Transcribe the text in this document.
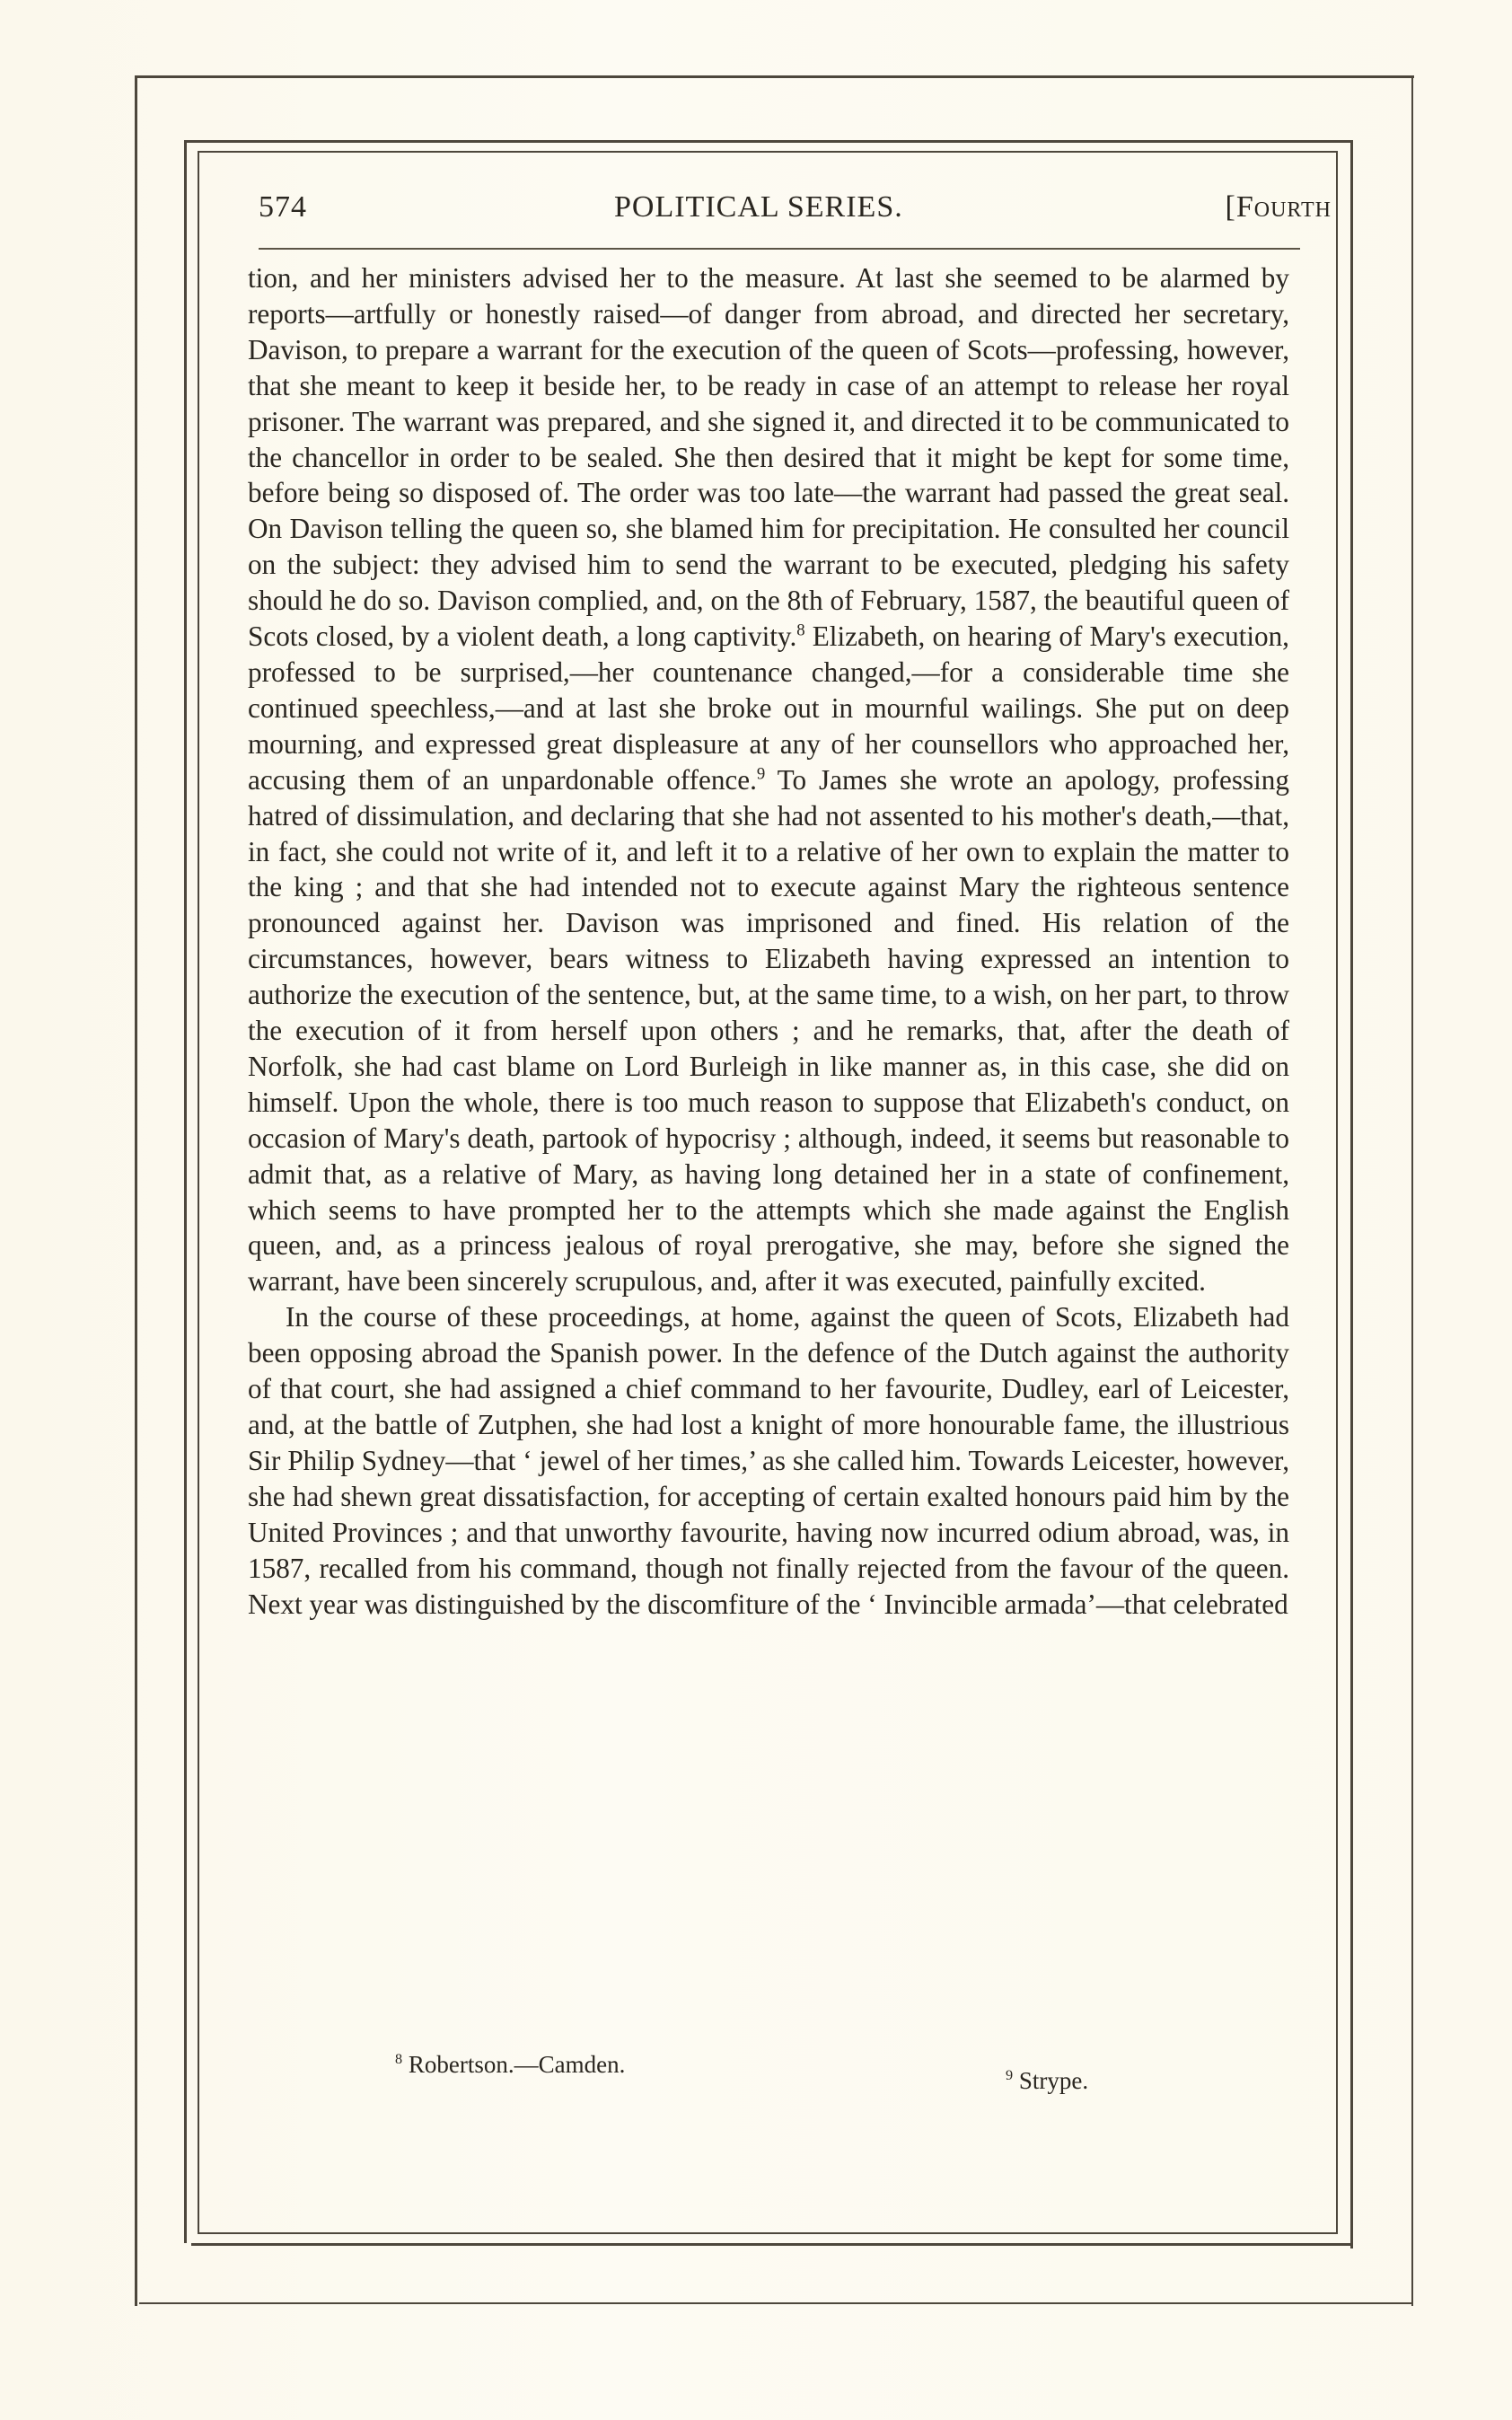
574	POLITICAL SERIES.	[Fourth

tion, and her ministers advised her to the measure. At last she seemed to be alarmed by reports—artfully or honestly raised—of danger from abroad, and directed her secretary, Davison, to prepare a warrant for the execution of the queen of Scots—professing, however, that she meant to keep it beside her, to be ready in case of an attempt to release her royal prisoner. The warrant was prepared, and she signed it, and directed it to be communicated to the chancellor in order to be sealed. She then desired that it might be kept for some time, before being so disposed of. The order was too late—the warrant had passed the great seal. On Davison telling the queen so, she blamed him for precipitation. He consulted her council on the subject: they advised him to send the warrant to be executed, pledging his safety should he do so. Davison complied, and, on the 8th of February, 1587, the beautiful queen of Scots closed, by a violent death, a long captivity.$^8$ Elizabeth, on hearing of Mary's execution, professed to be surprised,—her countenance changed,—for a considerable time she continued speechless,—and at last she broke out in mournful wailings. She put on deep mourning, and expressed great displeasure at any of her counsellors who approached her, accusing them of an unpardonable offence.$^9$ To James she wrote an apology, professing hatred of dissimulation, and declaring that she had not assented to his mother's death,—that, in fact, she could not write of it, and left it to a relative of her own to explain the matter to the king ; and that she had intended not to execute against Mary the righteous sentence pronounced against her. Davison was imprisoned and fined. His relation of the circumstances, however, bears witness to Elizabeth having expressed an intention to authorize the execution of the sentence, but, at the same time, to a wish, on her part, to throw the execution of it from herself upon others ; and he remarks, that, after the death of Norfolk, she had cast blame on Lord Burleigh in like manner as, in this case, she did on himself. Upon the whole, there is too much reason to suppose that Elizabeth's conduct, on occasion of Mary's death, partook of hypocrisy ; although, indeed, it seems but reasonable to admit that, as a relative of Mary, as having long detained her in a state of confinement, which seems to have prompted her to the attempts which she made against the English queen, and, as a princess jealous of royal prerogative, she may, before she signed the warrant, have been sincerely scrupulous, and, after it was executed, painfully excited.

In the course of these proceedings, at home, against the queen of Scots, Elizabeth had been opposing abroad the Spanish power. In the defence of the Dutch against the authority of that court, she had assigned a chief command to her favourite, Dudley, earl of Leicester, and, at the battle of Zutphen, she had lost a knight of more honourable fame, the illustrious Sir Philip Sydney—that ‘ jewel of her times,’ as she called him. Towards Leicester, however, she had shewn great dissatisfaction, for accepting of certain exalted honours paid him by the United Provinces ; and that unworthy favourite, having now incurred odium abroad, was, in 1587, recalled from his command, though not finally rejected from the favour of the queen. Next year was distinguished by the discomfiture of the ‘ Invincible armada’—that celebrated

$^8$ Robertson.—Camden.	$^9$ Strype.
